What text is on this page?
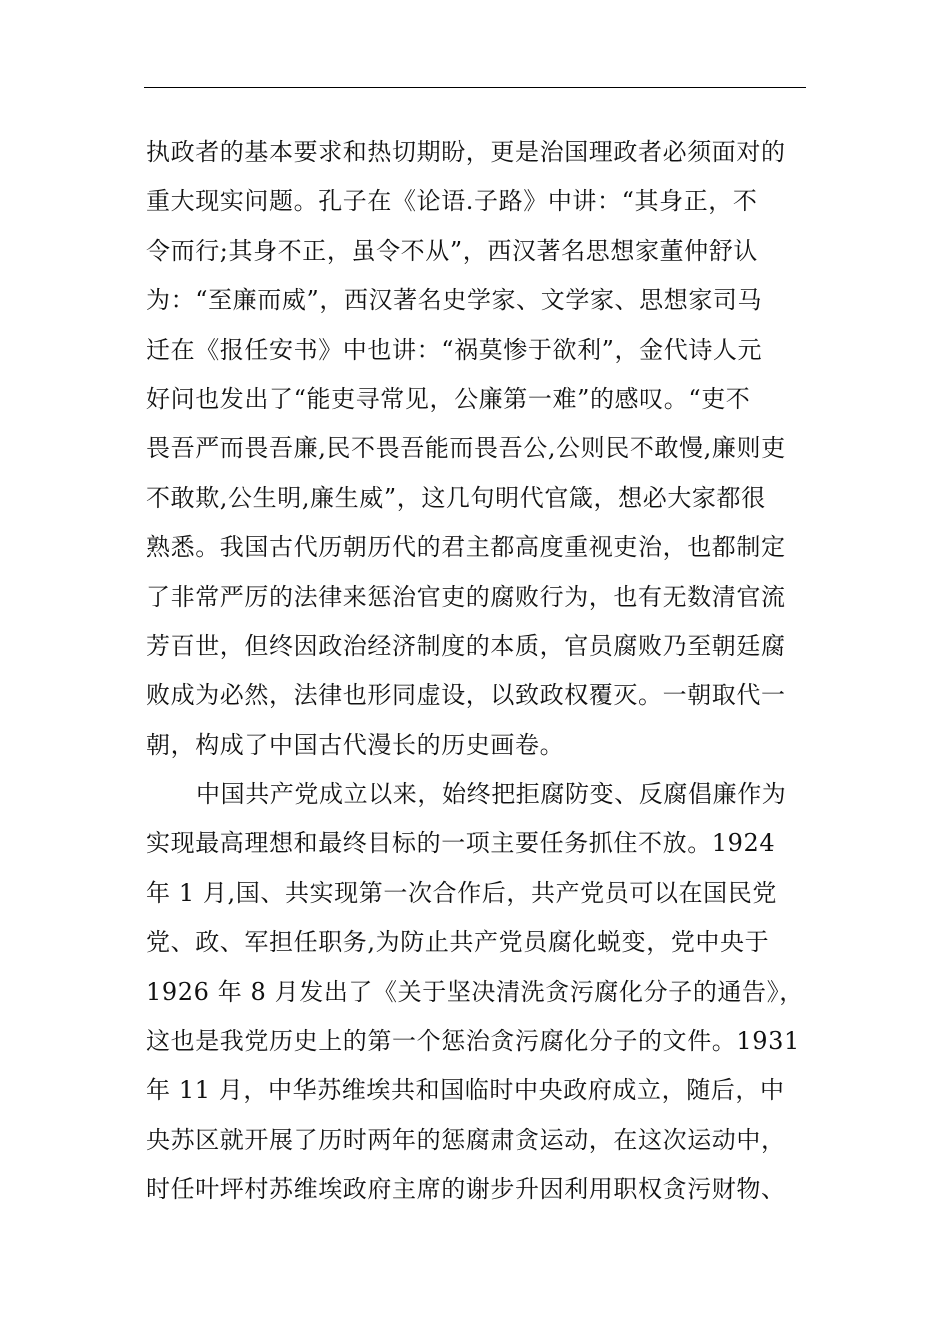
执政者的基本要求和热切期盼，更是治国理政者必须面对的
重大现实问题。孔子在《论语.子路》中讲：“其身正，不
令而行;其身不正，虽令不从”，西汉著名思想家董仲舒认
为：“至廉而威”，西汉著名史学家、文学家、思想家司马
迁在《报任安书》中也讲：“祸莫惨于欲利”，金代诗人元
好问也发出了“能吏寻常见，公廉第一难”的感叹。“吏不
畏吾严而畏吾廉,民不畏吾能而畏吾公,公则民不敢慢,廉则吏
不敢欺,公生明,廉生威”，这几句明代官箴，想必大家都很
熟悉。我国古代历朝历代的君主都高度重视吏治，也都制定
了非常严厉的法律来惩治官吏的腐败行为，也有无数清官流
芳百世，但终因政治经济制度的本质，官员腐败乃至朝廷腐
败成为必然，法律也形同虚设，以致政权覆灭。一朝取代一
朝，构成了中国古代漫长的历史画卷。
中国共产党成立以来，始终把拒腐防变、反腐倡廉作为
实现最高理想和最终目标的一项主要任务抓住不放。1924
年 1 月,国、共实现第一次合作后，共产党员可以在国民党
党、政、军担任职务,为防止共产党员腐化蜕变，党中央于
1926 年 8 月发出了《关于坚决清洗贪污腐化分子的通告》，
这也是我党历史上的第一个惩治贪污腐化分子的文件。1931
年 11 月，中华苏维埃共和国临时中央政府成立，随后，中
央苏区就开展了历时两年的惩腐肃贪运动，在这次运动中，
时任叶坪村苏维埃政府主席的谢步升因利用职权贪污财物、
